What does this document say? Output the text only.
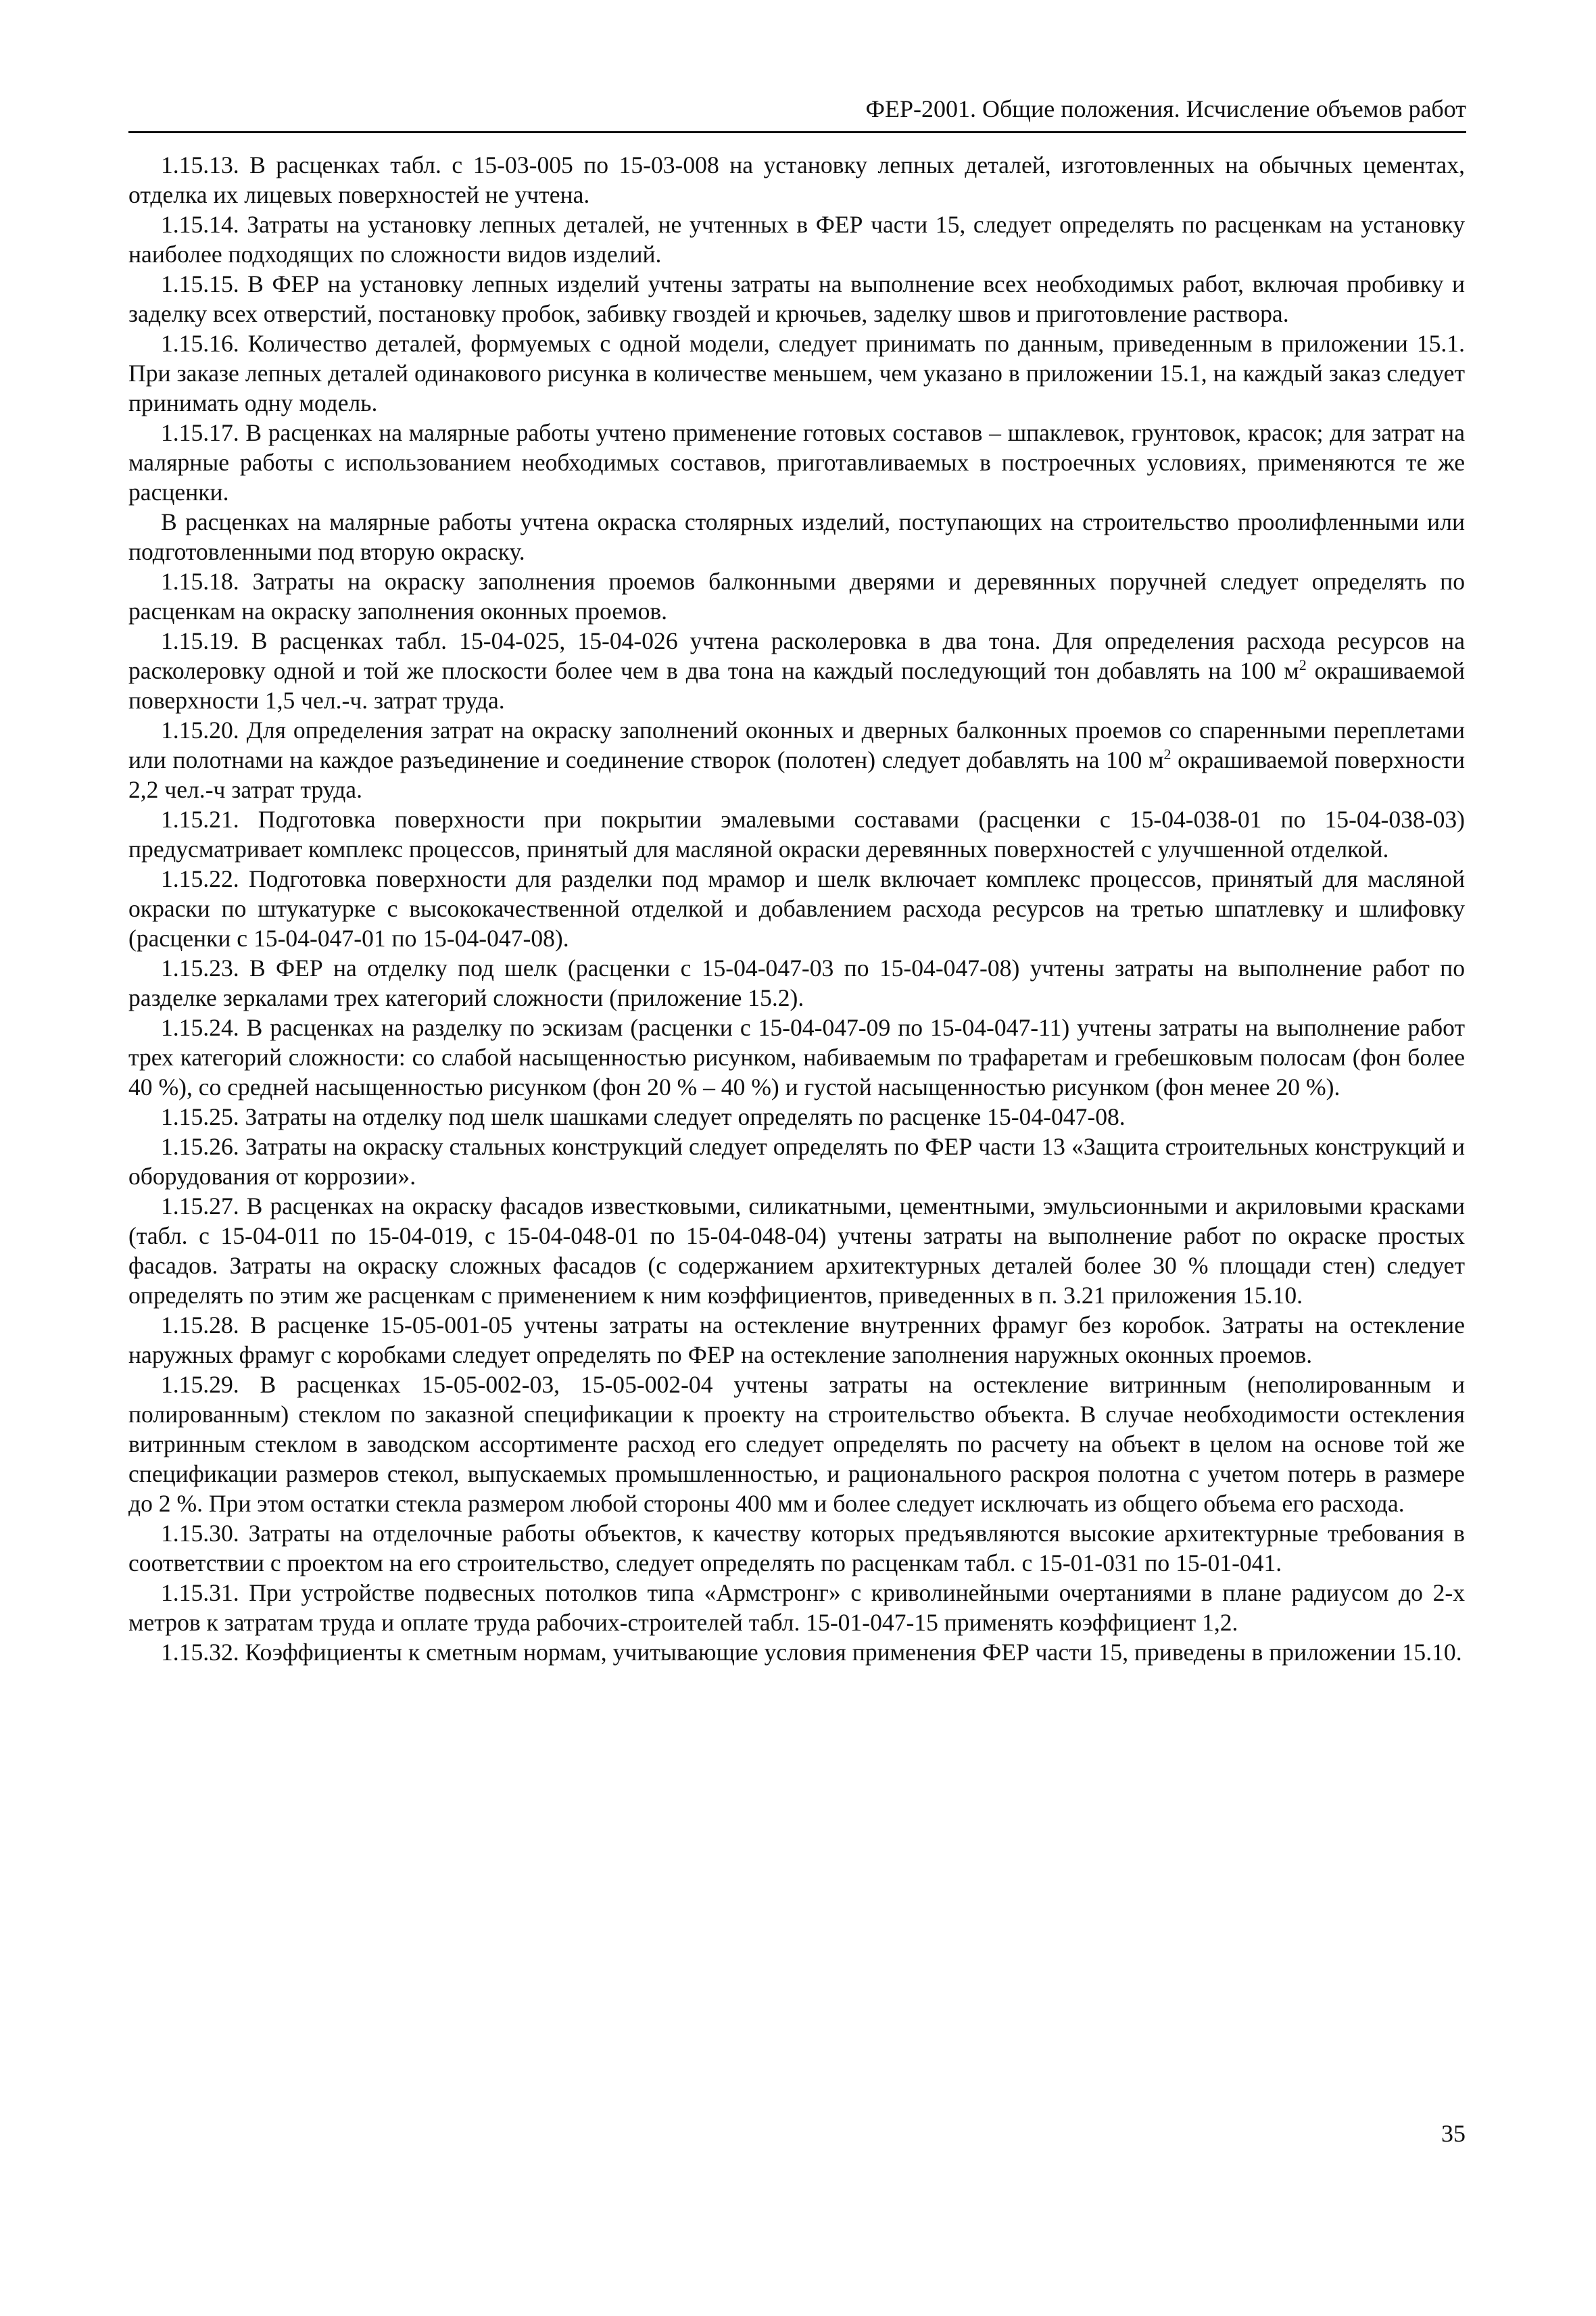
ФЕР-2001. Общие положения. Исчисление объемов работ

1.15.13. В расценках табл. с 15-03-005 по 15-03-008 на установку лепных деталей, изготовленных на обычных цементах, отделка их лицевых поверхностей не учтена.

1.15.14. Затраты на установку лепных деталей, не учтенных в ФЕР части 15, следует определять по расценкам на установку наиболее подходящих по сложности видов изделий.

1.15.15. В ФЕР на установку лепных изделий учтены затраты на выполнение всех необходимых работ, включая пробивку и заделку всех отверстий, постановку пробок, забивку гвоздей и крючьев, заделку швов и приготовление раствора.

1.15.16. Количество деталей, формуемых с одной модели, следует принимать по данным, приведенным в приложении 15.1. При заказе лепных деталей одинакового рисунка в количестве меньшем, чем указано в приложении 15.1, на каждый заказ следует принимать одну модель.

1.15.17. В расценках на малярные работы учтено применение готовых составов – шпаклевок, грунтовок, красок; для затрат на малярные работы с использованием необходимых составов, приготавливаемых в построечных условиях, применяются те же расценки.

В расценках на малярные работы учтена окраска столярных изделий, поступающих на строительство проолифленными или подготовленными под вторую окраску.

1.15.18. Затраты на окраску заполнения проемов балконными дверями и деревянных поручней следует определять по расценкам на окраску заполнения оконных проемов.

1.15.19. В расценках табл. 15-04-025, 15-04-026 учтена расколеровка в два тона. Для определения расхода ресурсов на расколеровку одной и той же плоскости более чем в два тона на каждый последующий тон добавлять на 100 $м^2$ окрашиваемой поверхности 1,5 чел.-ч. затрат труда.

1.15.20. Для определения затрат на окраску заполнений оконных и дверных балконных проемов со спаренными переплетами или полотнами на каждое разъединение и соединение створок (полотен) следует добавлять на 100 $м^2$ окрашиваемой поверхности 2,2 чел.-ч затрат труда.

1.15.21. Подготовка поверхности при покрытии эмалевыми составами (расценки с 15-04-038-01 по 15-04-038-03) предусматривает комплекс процессов, принятый для масляной окраски деревянных поверхностей с улучшенной отделкой.

1.15.22. Подготовка поверхности для разделки под мрамор и шелк включает комплекс процессов, принятый для масляной окраски по штукатурке с высококачественной отделкой и добавлением расхода ресурсов на третью шпатлевку и шлифовку (расценки с 15-04-047-01 по 15-04-047-08).

1.15.23. В ФЕР на отделку под шелк (расценки с 15-04-047-03 по 15-04-047-08) учтены затраты на выполнение работ по разделке зеркалами трех категорий сложности (приложение 15.2).

1.15.24. В расценках на разделку по эскизам (расценки с 15-04-047-09 по 15-04-047-11) учтены затраты на выполнение работ трех категорий сложности: со слабой насыщенностью рисунком, набиваемым по трафаретам и гребешковым полосам (фон более 40 %), со средней насыщенностью рисунком (фон 20 % – 40 %) и густой насыщенностью рисунком (фон менее 20 %).

1.15.25. Затраты на отделку под шелк шашками следует определять по расценке 15-04-047-08.

1.15.26. Затраты на окраску стальных конструкций следует определять по ФЕР части 13 «Защита строительных конструкций и оборудования от коррозии».

1.15.27. В расценках на окраску фасадов известковыми, силикатными, цементными, эмульсионными и акриловыми красками (табл. с 15-04-011 по 15-04-019, с 15-04-048-01 по 15-04-048-04) учтены затраты на выполнение работ по окраске простых фасадов. Затраты на окраску сложных фасадов (с содержанием архитектурных деталей более 30 % площади стен) следует определять по этим же расценкам с применением к ним коэффициентов, приведенных в п. 3.21 приложения 15.10.

1.15.28. В расценке 15-05-001-05 учтены затраты на остекление внутренних фрамуг без коробок. Затраты на остекление наружных фрамуг с коробками следует определять по ФЕР на остекление заполнения наружных оконных проемов.

1.15.29. В расценках 15-05-002-03, 15-05-002-04 учтены затраты на остекление витринным (неполированным и полированным) стеклом по заказной спецификации к проекту на строительство объекта. В случае необходимости остекления витринным стеклом в заводском ассортименте расход его следует определять по расчету на объект в целом на основе той же спецификации размеров стекол, выпускаемых промышленностью, и рационального раскроя полотна с учетом потерь в размере до 2 %. При этом остатки стекла размером любой стороны 400 мм и более следует исключать из общего объема его расхода.

1.15.30. Затраты на отделочные работы объектов, к качеству которых предъявляются высокие архитектурные требования в соответствии с проектом на его строительство, следует определять по расценкам табл. с 15-01-031 по 15-01-041.

1.15.31. При устройстве подвесных потолков типа «Армстронг» с криволинейными очертаниями в плане радиусом до 2-х метров к затратам труда и оплате труда рабочих-строителей табл. 15-01-047-15 применять коэффициент 1,2.

1.15.32. Коэффициенты к сметным нормам, учитывающие условия применения ФЕР части 15, приведены в приложении 15.10.

35
